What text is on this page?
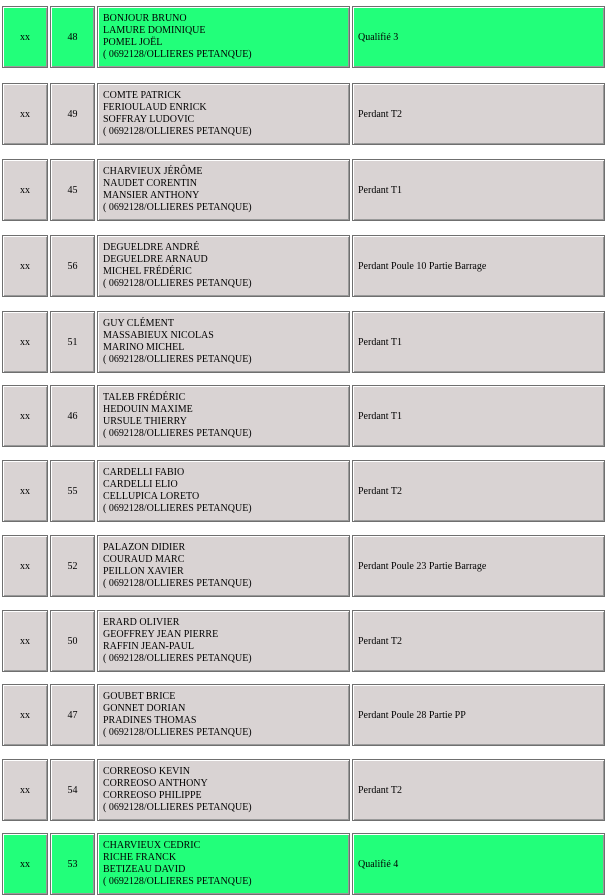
xx	48
BONJOUR BRUNO
LAMURE DOMINIQUE
POMEL JOËL
( 0692128/OLLIERES PETANQUE)
Qualifié 3
xx	49
COMTE PATRICK
FERIOULAUD ENRICK
SOFFRAY LUDOVIC
( 0692128/OLLIERES PETANQUE)
Perdant T2
xx	45
CHARVIEUX JÉRÔME
NAUDET CORENTIN
MANSIER ANTHONY
( 0692128/OLLIERES PETANQUE)
Perdant T1
xx	56
DEGUELDRE ANDRÉ
DEGUELDRE ARNAUD
MICHEL FRÉDÉRIC
( 0692128/OLLIERES PETANQUE)
Perdant Poule 10 Partie Barrage
xx	51
GUY CLÉMENT
MASSABIEUX NICOLAS
MARINO MICHEL
( 0692128/OLLIERES PETANQUE)
Perdant T1
xx	46
TALEB FRÉDÉRIC
HEDOUIN MAXIME
URSULE THIERRY
( 0692128/OLLIERES PETANQUE)
Perdant T1
xx	55
CARDELLI FABIO
CARDELLI ELIO
CELLUPICA LORETO
( 0692128/OLLIERES PETANQUE)
Perdant T2
xx	52
PALAZON DIDIER
COURAUD MARC
PEILLON XAVIER
( 0692128/OLLIERES PETANQUE)
Perdant Poule 23 Partie Barrage
xx	50
ERARD OLIVIER
GEOFFREY JEAN PIERRE
RAFFIN JEAN-PAUL
( 0692128/OLLIERES PETANQUE)
Perdant T2
xx	47
GOUBET BRICE
GONNET DORIAN
PRADINES THOMAS
( 0692128/OLLIERES PETANQUE)
Perdant Poule 28 Partie PP
xx	54
CORREOSO KEVIN
CORREOSO ANTHONY
CORREOSO PHILIPPE
( 0692128/OLLIERES PETANQUE)
Perdant T2
xx	53
CHARVIEUX CEDRIC
RICHE FRANCK
BETIZEAU DAVID
( 0692128/OLLIERES PETANQUE)
Qualifié 4
